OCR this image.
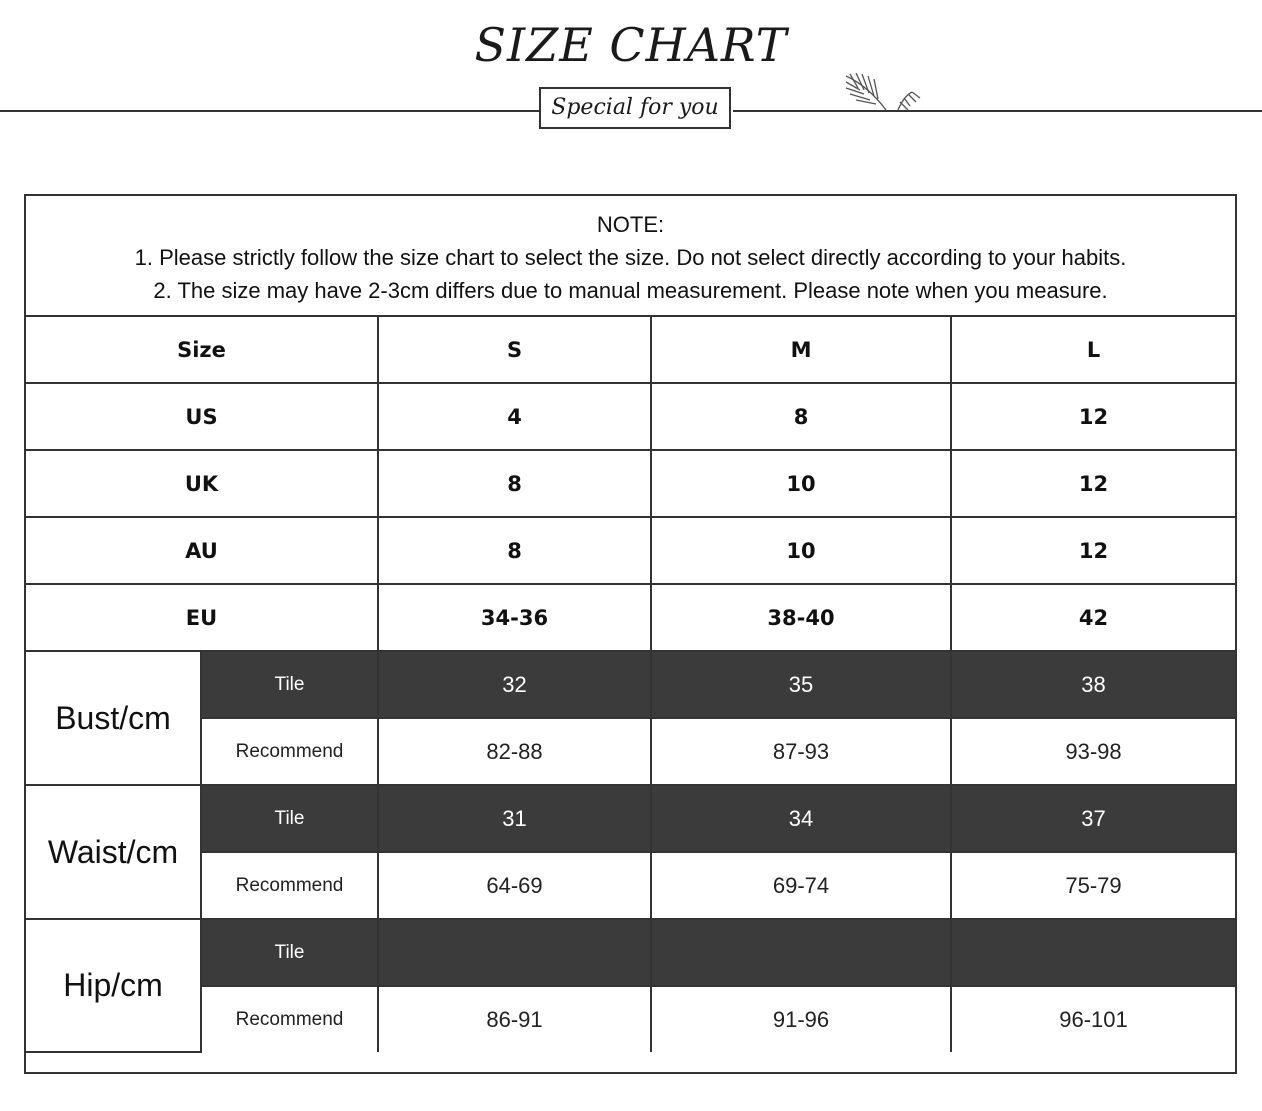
SIZE CHART
Special for you
NOTE:
1. Please strictly follow the size chart to select the size. Do not select directly according to your habits.
2. The size may have 2-3cm differs due to manual measurement. Please note when you measure.
Size		S	M	L
US		4	8	12
UK		8	10	12
AU		8	10	12
EU		34-36	38-40	42
Bust/cm	Tile	32	35	38
	Recommend	82-88	87-93	93-98
Waist/cm	Tile	31	34	37
	Recommend	64-69	69-74	75-79
Hip/cm	Tile			
	Recommend	86-91	91-96	96-101
